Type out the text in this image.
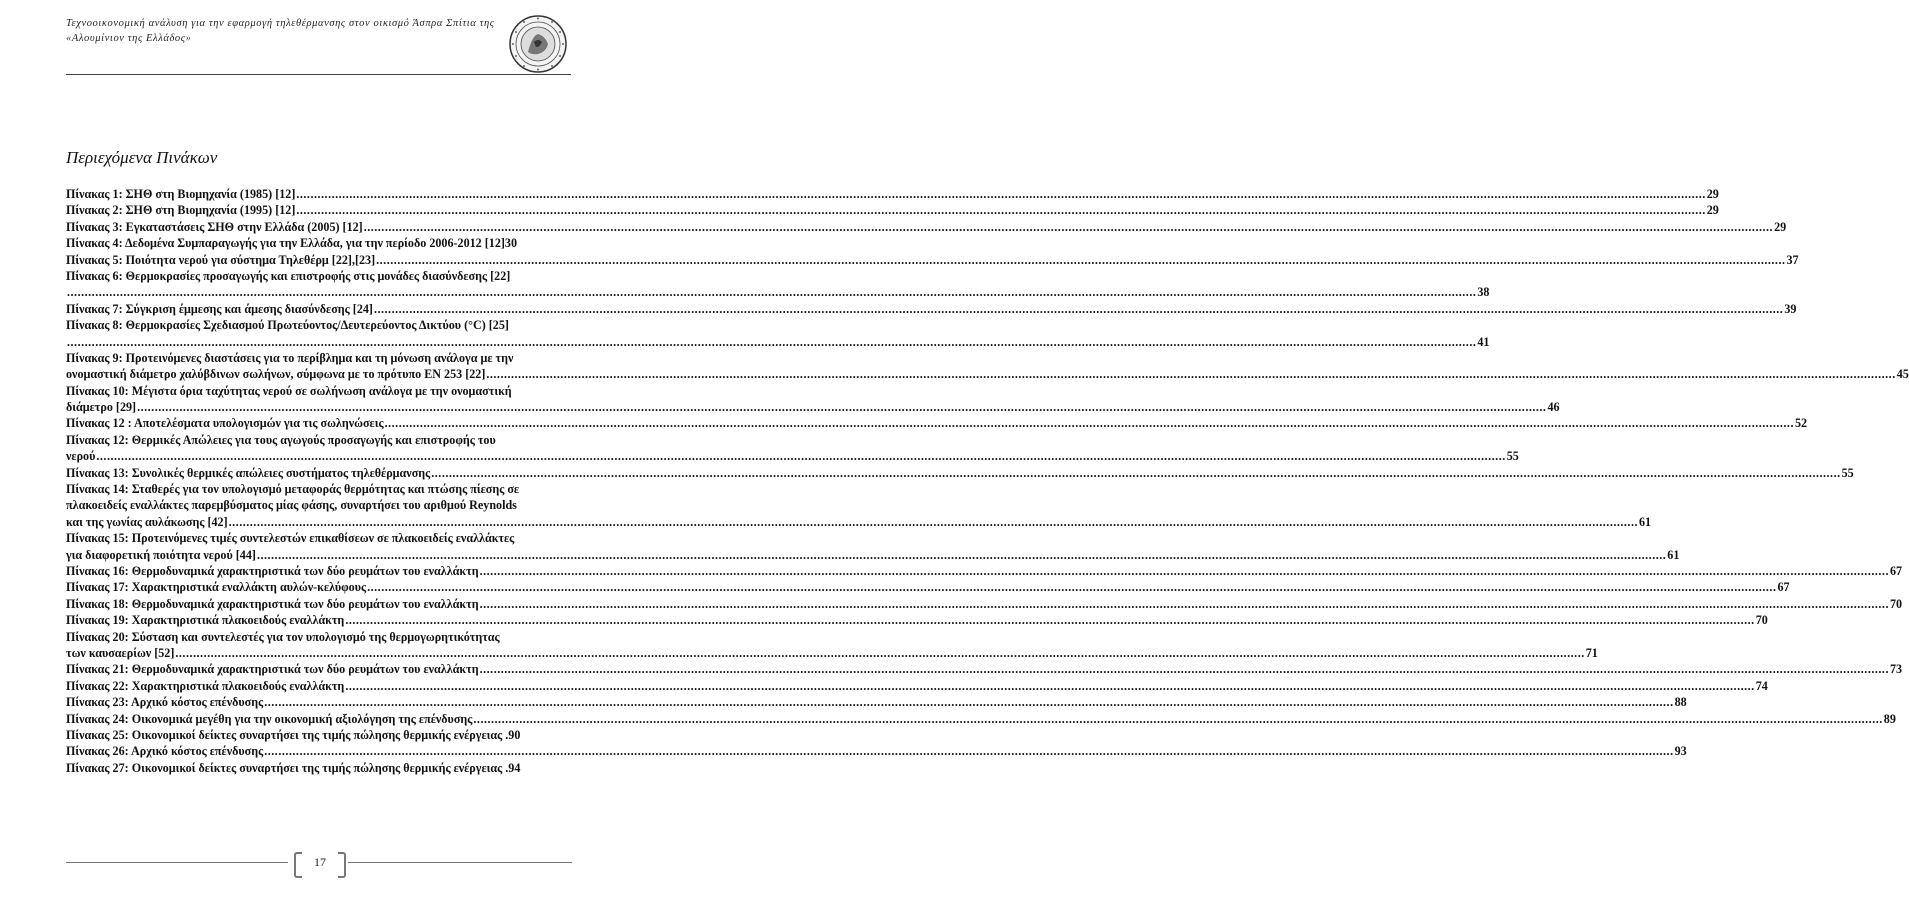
Τεχνοοικονομική ανάλυση για την εφαρμογή τηλεθέρμανσης στον οικισμό Άσπρα Σπίτια της
«Αλουμίνιον της Ελλάδος»
Περιεχόμενα Πινάκων
Πίνακας 1: ΣΗΘ στη Βιομηχανία (1985) [12] ................................................................................................................................................................................................................................................................................................................................................................................................................ 29
Πίνακας 2: ΣΗΘ στη Βιομηχανία (1995) [12] ................................................................................................................................................................................................................................................................................................................................................................................................................ 29
Πίνακας 3: Εγκαταστάσεις ΣΗΘ στην Ελλάδα (2005) [12] ................................................................................................................................................................................................................................................................................................................................................................................................................ 29
Πίνακας 4: Δεδομένα Συμπαραγωγής για την Ελλάδα, για την περίοδο 2006-2012 [12] 30
Πίνακας 5: Ποιότητα νερού για σύστημα Τηλεθέρμ [22],[23] ................................................................................................................................................................................................................................................................................................................................................................................................................ 37
Πίνακας 6: Θερμοκρασίες προσαγωγής και επιστροφής στις μονάδες διασύνδεσης [22]
................................................................................................................................................................................................................................................................................................................................................................................................................ 38
Πίνακας 7: Σύγκριση έμμεσης και άμεσης διασύνδεσης [24] ................................................................................................................................................................................................................................................................................................................................................................................................................ 39
Πίνακας 8: Θερμοκρασίες Σχεδιασμού Πρωτεύοντος/Δευτερεύοντος Δικτύου (°C) [25]
................................................................................................................................................................................................................................................................................................................................................................................................................ 41
Πίνακας 9: Προτεινόμενες διαστάσεις για το περίβλημα και τη μόνωση ανάλογα με την
ονομαστική διάμετρο χαλύβδινων σωλήνων, σύμφωνα με το πρότυπο EN 253 [22] ................................................................................................................................................................................................................................................................................................................................................................................................................ 45
Πίνακας 10: Μέγιστα όρια ταχύτητας νερού σε σωλήνωση ανάλογα με την ονομαστική
διάμετρο [29] ................................................................................................................................................................................................................................................................................................................................................................................................................ 46
Πίνακας 12 : Αποτελέσματα υπολογισμών για τις σωληνώσεις ................................................................................................................................................................................................................................................................................................................................................................................................................ 52
Πίνακας 12: Θερμικές Απώλειες για τους αγωγούς προσαγωγής και επιστροφής του
νερού ................................................................................................................................................................................................................................................................................................................................................................................................................ 55
Πίνακας 13: Συνολικές θερμικές απώλειες συστήματος τηλεθέρμανσης ................................................................................................................................................................................................................................................................................................................................................................................................................ 55
Πίνακας 14: Σταθερές για τον υπολογισμό μεταφοράς θερμότητας και πτώσης πίεσης σε
πλακοειδείς εναλλάκτες παρεμβύσματος μίας φάσης, συναρτήσει του αριθμού Reynolds
και της γωνίας αυλάκωσης [42] ................................................................................................................................................................................................................................................................................................................................................................................................................ 61
Πίνακας 15: Προτεινόμενες τιμές συντελεστών επικαθίσεων σε πλακοειδείς εναλλάκτες
για διαφορετική ποιότητα νερού [44] ................................................................................................................................................................................................................................................................................................................................................................................................................ 61
Πίνακας 16: Θερμοδυναμικά χαρακτηριστικά των δύο ρευμάτων του εναλλάκτη ................................................................................................................................................................................................................................................................................................................................................................................................................ 67
Πίνακας 17: Χαρακτηριστικά εναλλάκτη αυλών-κελύφους ................................................................................................................................................................................................................................................................................................................................................................................................................ 67
Πίνακας 18: Θερμοδυναμικά χαρακτηριστικά των δύο ρευμάτων του εναλλάκτη ................................................................................................................................................................................................................................................................................................................................................................................................................ 70
Πίνακας 19: Χαρακτηριστικά πλακοειδούς εναλλάκτη ................................................................................................................................................................................................................................................................................................................................................................................................................ 70
Πίνακας 20: Σύσταση και συντελεστές για τον υπολογισμό της θερμογωρητικότητας
των καυσαερίων [52] ................................................................................................................................................................................................................................................................................................................................................................................................................ 71
Πίνακας 21: Θερμοδυναμικά χαρακτηριστικά των δύο ρευμάτων του εναλλάκτη ................................................................................................................................................................................................................................................................................................................................................................................................................ 73
Πίνακας 22: Χαρακτηριστικά πλακοειδούς εναλλάκτη ................................................................................................................................................................................................................................................................................................................................................................................................................ 74
Πίνακας 23: Αρχικό κόστος επένδυσης ................................................................................................................................................................................................................................................................................................................................................................................................................ 88
Πίνακας 24: Οικονομικά μεγέθη για την οικονομική αξιολόγηση της επένδυσης ................................................................................................................................................................................................................................................................................................................................................................................................................ 89
Πίνακας 25: Οικονομικοί δείκτες συναρτήσει της τιμής πώλησης θερμικής ενέργειας . 90
Πίνακας 26: Αρχικό κόστος επένδυσης ................................................................................................................................................................................................................................................................................................................................................................................................................ 93
Πίνακας 27: Οικονομικοί δείκτες συναρτήσει της τιμής πώλησης θερμικής ενέργειας . 94
17
